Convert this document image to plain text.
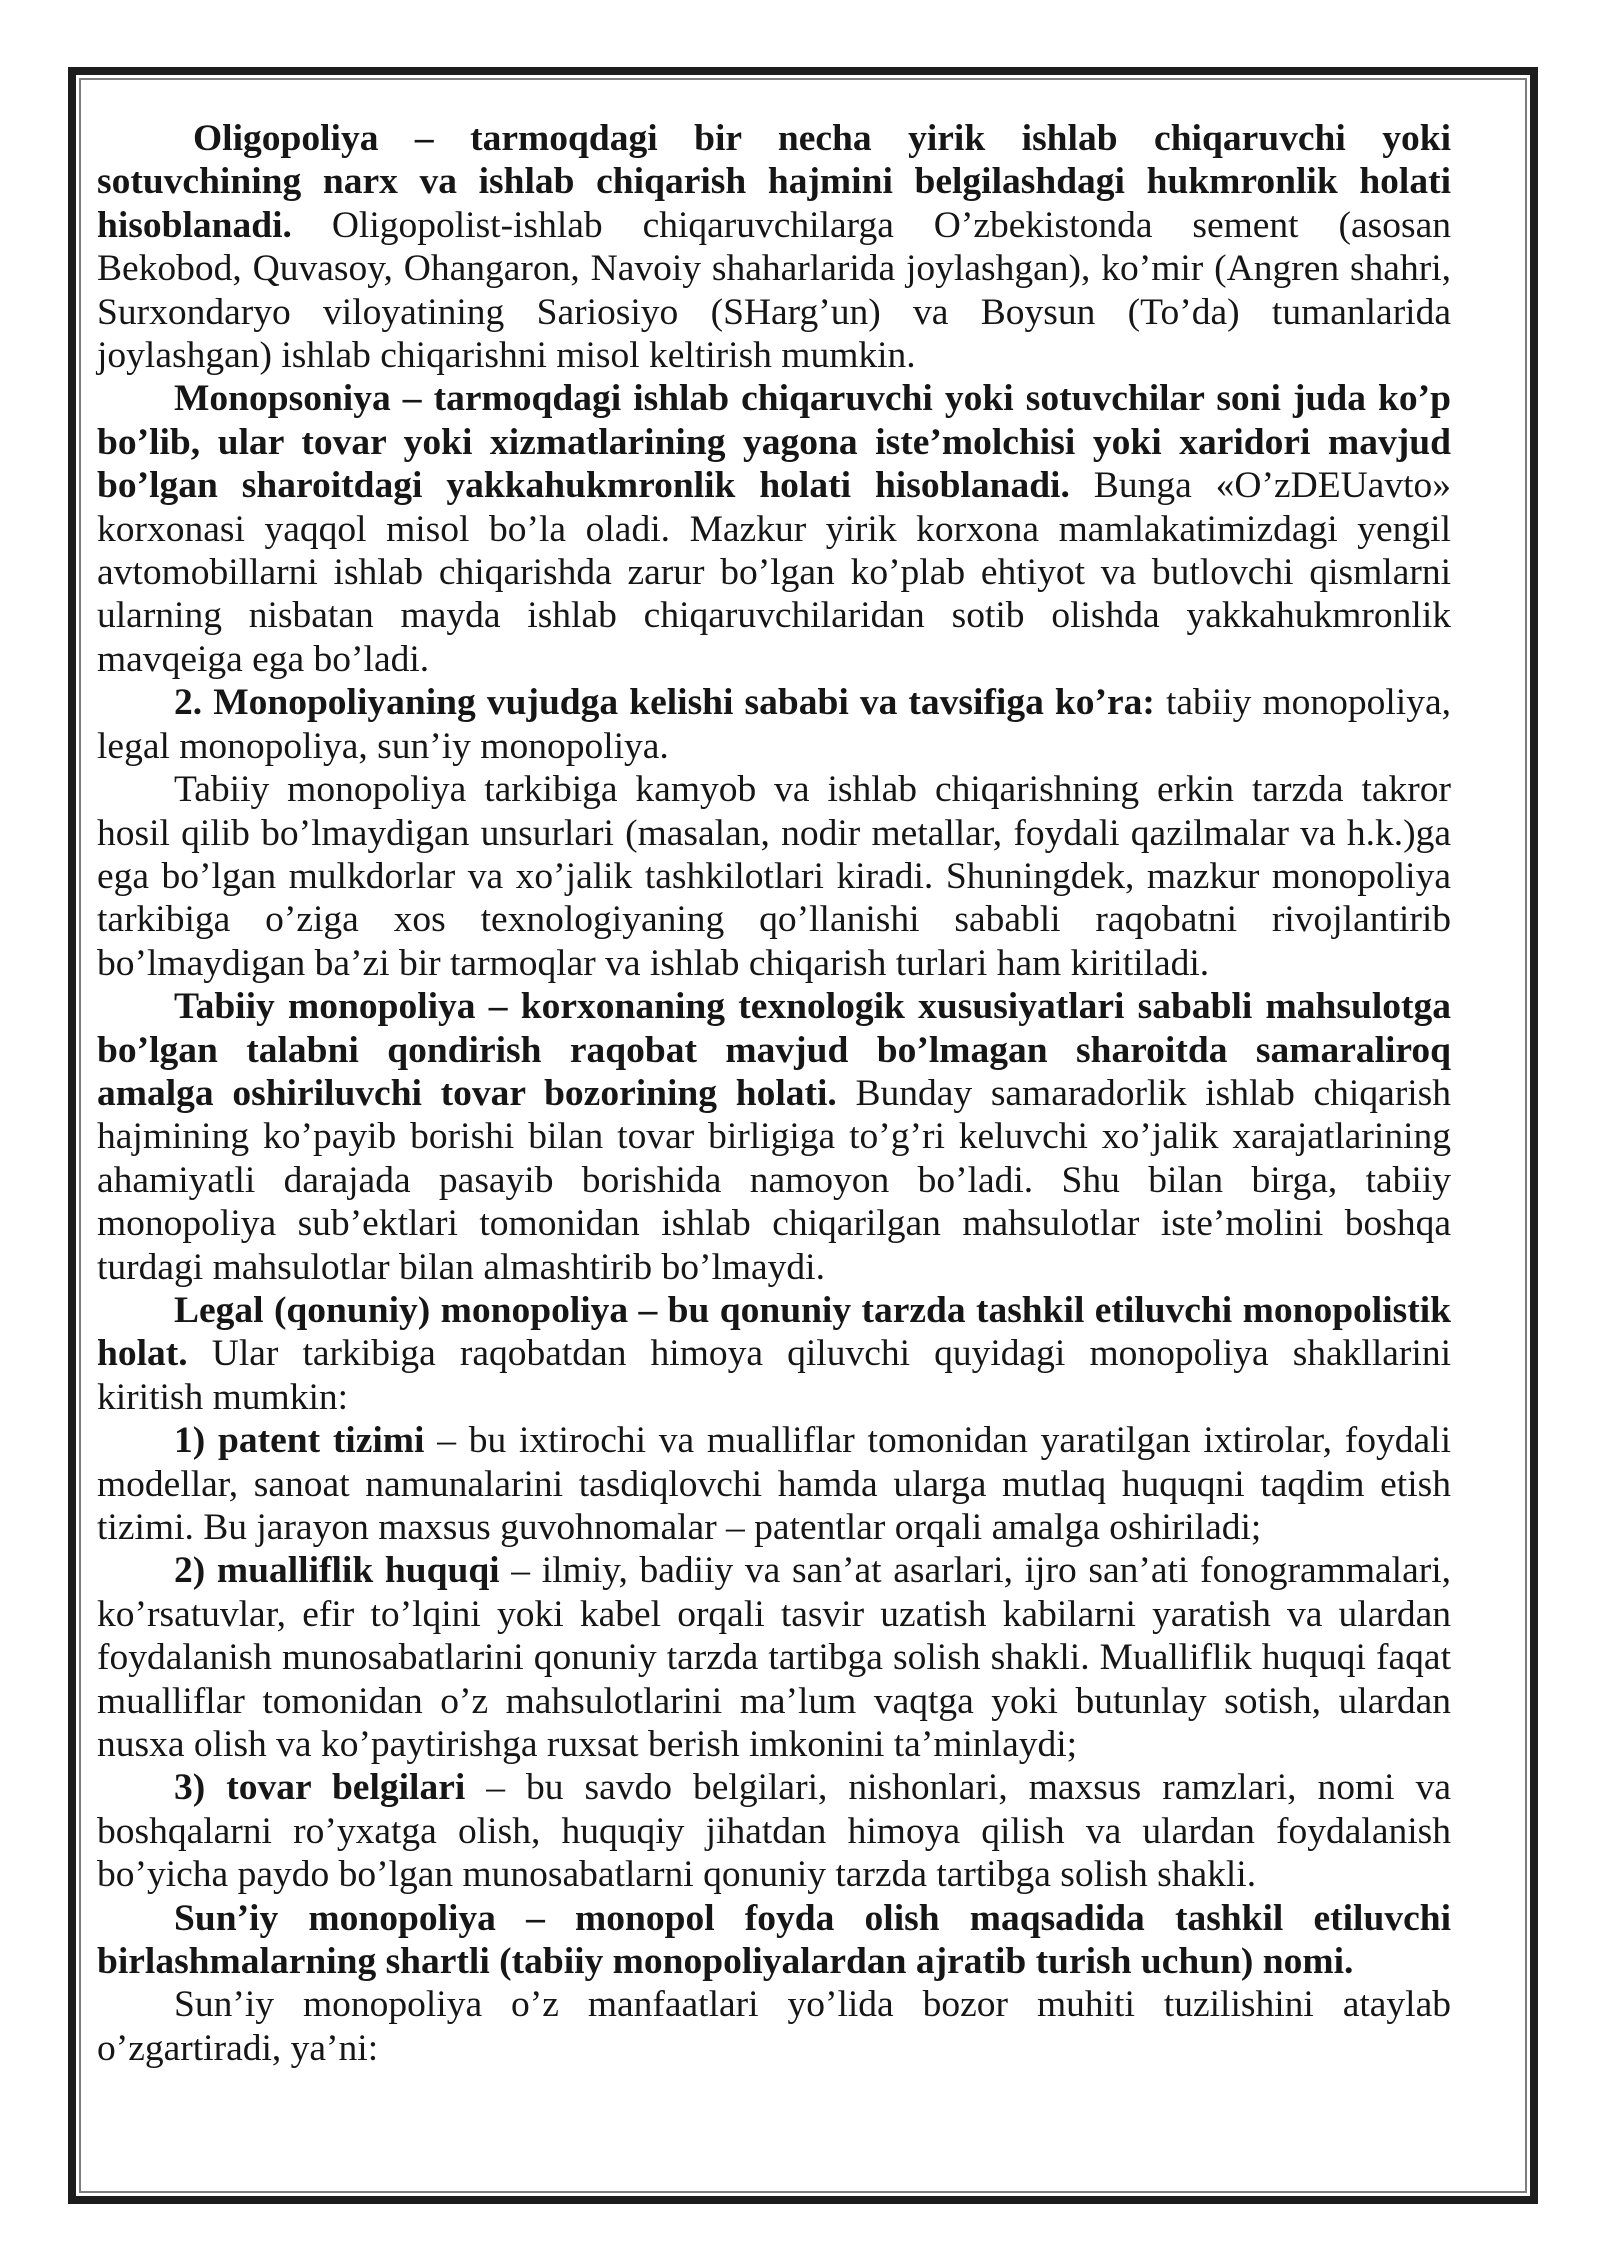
Oligopoliya – tarmoqdagi bir necha yirik ishlab chiqaruvchi yoki
sotuvchining narx va ishlab chiqarish hajmini belgilashdagi hukmronlik holati
hisoblanadi. Oligopolist-ishlab chiqaruvchilarga O’zbekistonda sement (asosan
Bekobod, Quvasoy, Ohangaron, Navoiy shaharlarida joylashgan), ko’mir (Angren shahri,
Surxondaryo viloyatining Sariosiyo (SHarg’un) va Boysun (To’da) tumanlarida
joylashgan) ishlab chiqarishni misol keltirish mumkin.
Monopsoniya – tarmoqdagi ishlab chiqaruvchi yoki sotuvchilar soni juda ko’p
bo’lib, ular tovar yoki xizmatlarining yagona iste’molchisi yoki xaridori mavjud
bo’lgan sharoitdagi yakkahukmronlik holati hisoblanadi. Bunga «O’zDEUavto»
korxonasi yaqqol misol bo’la oladi. Mazkur yirik korxona mamlakatimizdagi yengil
avtomobillarni ishlab chiqarishda zarur bo’lgan ko’plab ehtiyot va butlovchi qismlarni
ularning nisbatan mayda ishlab chiqaruvchilaridan sotib olishda yakkahukmronlik
mavqeiga ega bo’ladi.
2. Monopoliyaning vujudga kelishi sababi va tavsifiga ko’ra: tabiiy monopoliya,
legal monopoliya, sun’iy monopoliya.
Tabiiy monopoliya tarkibiga kamyob va ishlab chiqarishning erkin tarzda takror
hosil qilib bo’lmaydigan unsurlari (masalan, nodir metallar, foydali qazilmalar va h.k.)ga
ega bo’lgan mulkdorlar va xo’jalik tashkilotlari kiradi. Shuningdek, mazkur monopoliya
tarkibiga o’ziga xos texnologiyaning qo’llanishi sababli raqobatni rivojlantirib
bo’lmaydigan ba’zi bir tarmoqlar va ishlab chiqarish turlari ham kiritiladi.
Tabiiy monopoliya – korxonaning texnologik xususiyatlari sababli mahsulotga
bo’lgan talabni qondirish raqobat mavjud bo’lmagan sharoitda samaraliroq
amalga oshiriluvchi tovar bozorining holati. Bunday samaradorlik ishlab chiqarish
hajmining ko’payib borishi bilan tovar birligiga to’g’ri keluvchi xo’jalik xarajatlarining
ahamiyatli darajada pasayib borishida namoyon bo’ladi. Shu bilan birga, tabiiy
monopoliya sub’ektlari tomonidan ishlab chiqarilgan mahsulotlar iste’molini boshqa
turdagi mahsulotlar bilan almashtirib bo’lmaydi.
Legal (qonuniy) monopoliya – bu qonuniy tarzda tashkil etiluvchi monopolistik
holat. Ular tarkibiga raqobatdan himoya qiluvchi quyidagi monopoliya shakllarini
kiritish mumkin:
1) patent tizimi – bu ixtirochi va mualliflar tomonidan yaratilgan ixtirolar, foydali
modellar, sanoat namunalarini tasdiqlovchi hamda ularga mutlaq huquqni taqdim etish
tizimi. Bu jarayon maxsus guvohnomalar – patentlar orqali amalga oshiriladi;
2) mualliflik huquqi – ilmiy, badiiy va san’at asarlari, ijro san’ati fonogrammalari,
ko’rsatuvlar, efir to’lqini yoki kabel orqali tasvir uzatish kabilarni yaratish va ulardan
foydalanish munosabatlarini qonuniy tarzda tartibga solish shakli. Mualliflik huquqi faqat
mualliflar tomonidan o’z mahsulotlarini ma’lum vaqtga yoki butunlay sotish, ulardan
nusxa olish va ko’paytirishga ruxsat berish imkonini ta’minlaydi;
3) tovar belgilari – bu savdo belgilari, nishonlari, maxsus ramzlari, nomi va
boshqalarni ro’yxatga olish, huquqiy jihatdan himoya qilish va ulardan foydalanish
bo’yicha paydo bo’lgan munosabatlarni qonuniy tarzda tartibga solish shakli.
Sun’iy monopoliya – monopol foyda olish maqsadida tashkil etiluvchi
birlashmalarning shartli (tabiiy monopoliyalardan ajratib turish uchun) nomi.
Sun’iy monopoliya o’z manfaatlari yo’lida bozor muhiti tuzilishini ataylab
o’zgartiradi, ya’ni:
